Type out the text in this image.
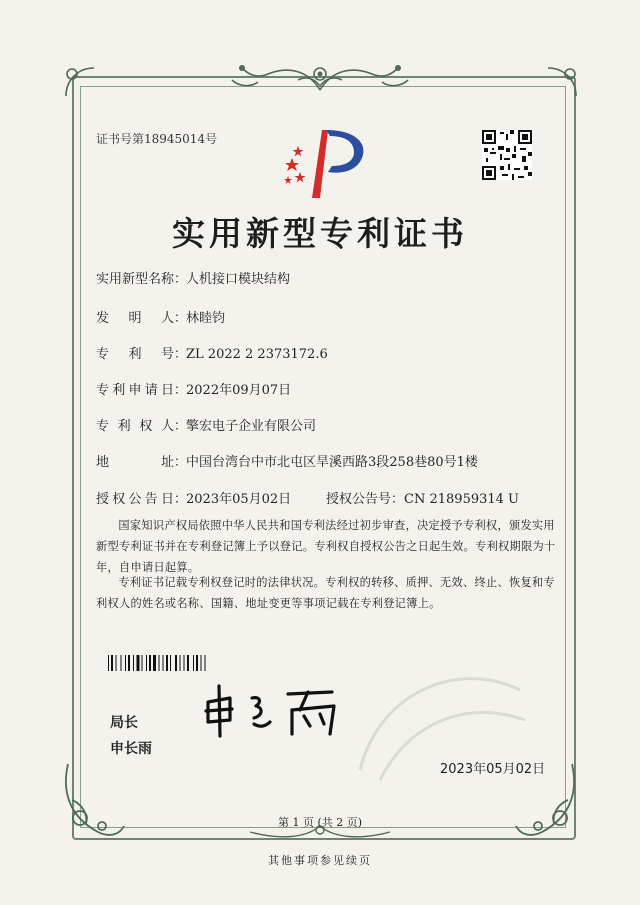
证书号第18945014号
实用新型专利证书
实用新型名称：人机接口模块结构
发明人：林睦钧
专利号：ZL 2022 2 2373172.6
专利申请日：2022年09月07日
专利权人：擎宏电子企业有限公司
地址：中国台湾台中市北屯区旱溪西路3段258巷80号1楼
授权公告日：2023年05月02日	授权公告号：CN 218959314 U
国家知识产权局依照中华人民共和国专利法经过初步审查，决定授予专利权，颁发实用新型专利证书并在专利登记簿上予以登记。专利权自授权公告之日起生效。专利权期限为十年，自申请日起算。
专利证书记载专利权登记时的法律状况。专利权的转移、质押、无效、终止、恢复和专利权人的姓名或名称、国籍、地址变更等事项记载在专利登记簿上。
局长
申长雨
2023年05月02日
第 1 页 (共 2 页)
其他事项参见续页
